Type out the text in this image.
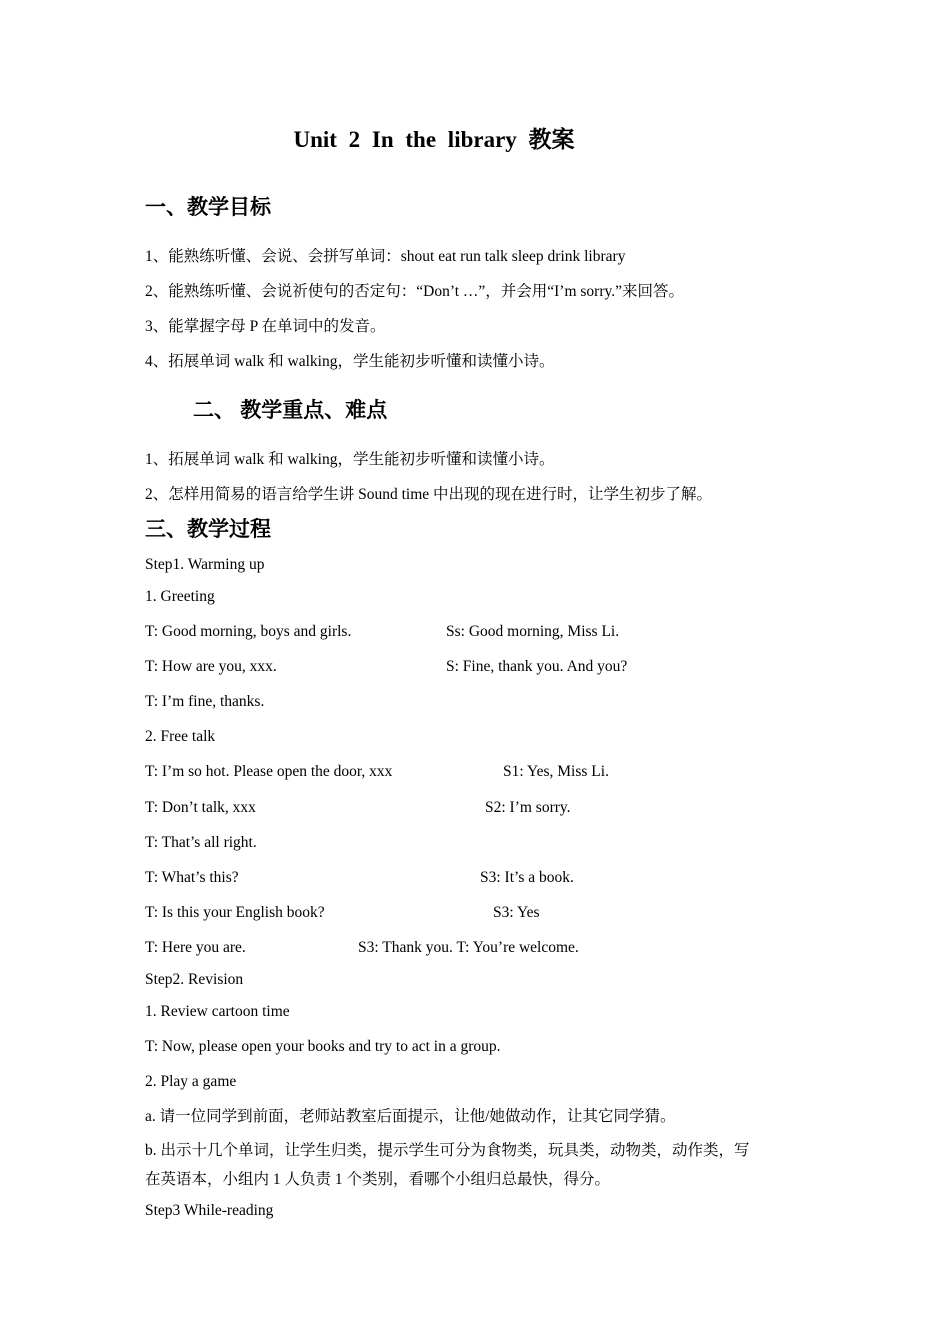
Unit 2 In the library 教案
一、教学目标
1、能熟练听懂、会说、会拼写单词：shout eat run talk sleep drink library
2、能熟练听懂、会说祈使句的否定句：“Don’t …”，并会用“I’m sorry.”来回答。
3、能掌握字母 P 在单词中的发音。
4、拓展单词 walk 和 walking，学生能初步听懂和读懂小诗。
二、 教学重点、难点
1、拓展单词 walk 和 walking，学生能初步听懂和读懂小诗。
2、怎样用简易的语言给学生讲 Sound time 中出现的现在进行时，让学生初步了解。
三、教学过程
Step1. Warming up
1. Greeting
T: Good morning, boys and girls.	Ss: Good morning, Miss Li.
T: How are you, xxx.	S: Fine, thank you. And you?
T: I’m fine, thanks.
2. Free talk
T: I’m so hot. Please open the door, xxx	S1: Yes, Miss Li.
T: Don’t talk, xxx	S2: I’m sorry.
T: That’s all right.
T: What’s this?	S3: It’s a book.
T: Is this your English book?	S3: Yes
T: Here you are.	S3: Thank you. T: You’re welcome.
Step2. Revision
1. Review cartoon time
T: Now, please open your books and try to act in a group.
2. Play a game
a. 请一位同学到前面，老师站教室后面提示，让他/她做动作，让其它同学猜。
b. 出示十几个单词，让学生归类，提示学生可分为食物类，玩具类，动物类，动作类，写
在英语本，小组内 1 人负责 1 个类别，看哪个小组归总最快，得分。
Step3 While-reading
